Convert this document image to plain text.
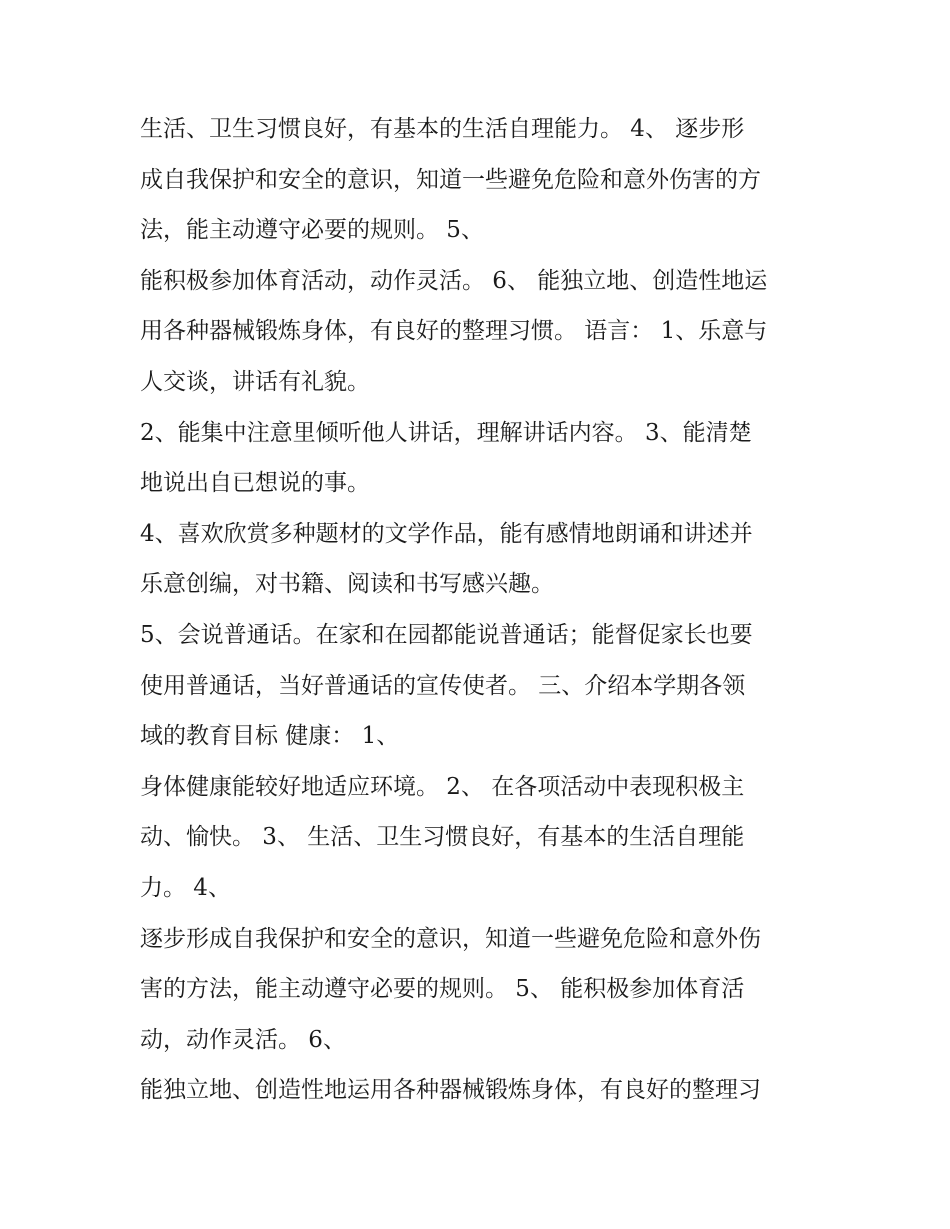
生活、卫生习惯良好，有基本的生活自理能力。 4、 逐步形
成自我保护和安全的意识，知道一些避免危险和意外伤害的方
法，能主动遵守必要的规则。 5、
能积极参加体育活动，动作灵活。 6、 能独立地、创造性地运
用各种器械锻炼身体，有良好的整理习惯。 语言： 1、乐意与
人交谈，讲话有礼貌。
2、能集中注意里倾听他人讲话，理解讲话内容。 3、能清楚
地说出自已想说的事。
4、喜欢欣赏多种题材的文学作品，能有感情地朗诵和讲述并
乐意创编，对书籍、阅读和书写感兴趣。
5、会说普通话。在家和在园都能说普通话；能督促家长也要
使用普通话，当好普通话的宣传使者。 三、介绍本学期各领
域的教育目标 健康： 1、
身体健康能较好地适应环境。 2、 在各项活动中表现积极主
动、愉快。 3、 生活、卫生习惯良好，有基本的生活自理能
力。 4、
逐步形成自我保护和安全的意识，知道一些避免危险和意外伤
害的方法，能主动遵守必要的规则。 5、 能积极参加体育活
动，动作灵活。 6、
能独立地、创造性地运用各种器械锻炼身体，有良好的整理习
